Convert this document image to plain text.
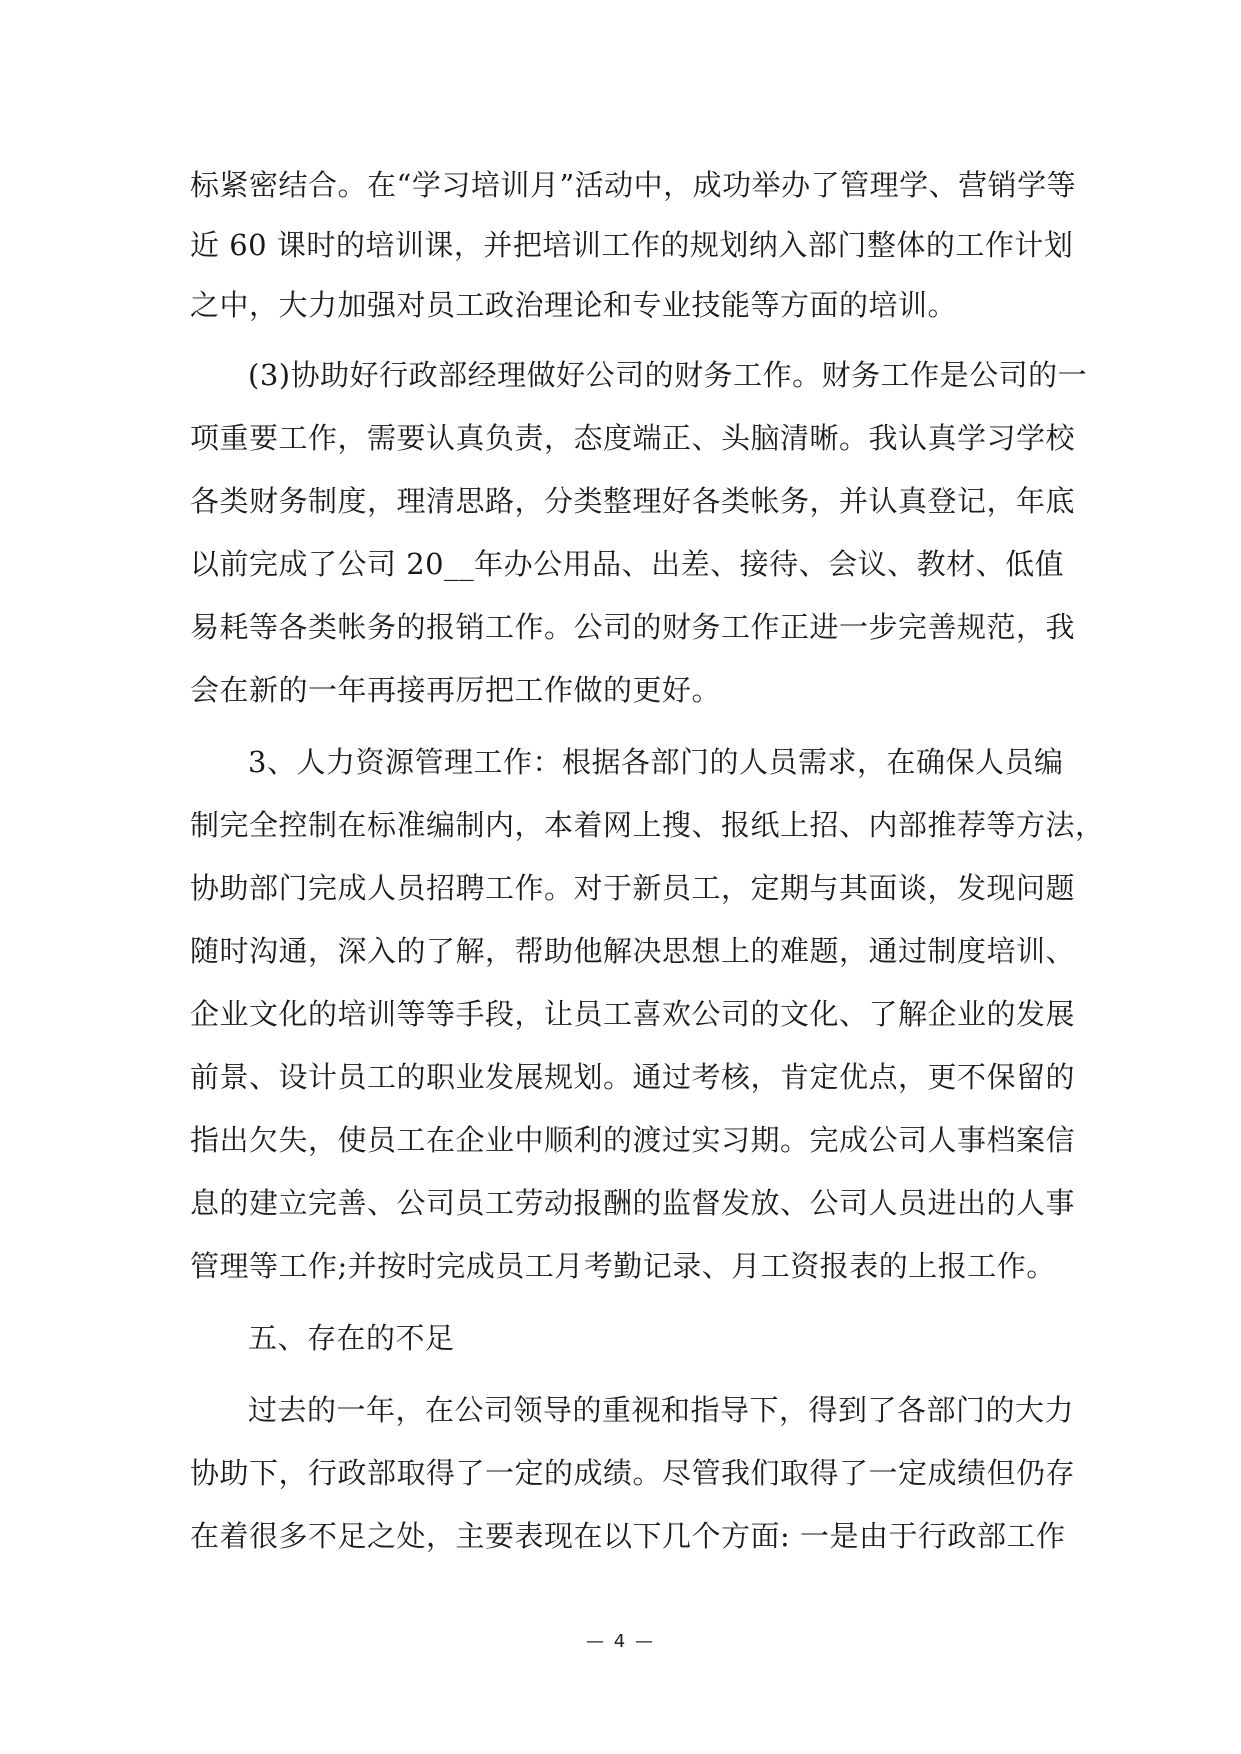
标紧密结合。在“学习培训月”活动中，成功举办了管理学、营销学等
近 60 课时的培训课，并把培训工作的规划纳入部门整体的工作计划
之中，大力加强对员工政治理论和专业技能等方面的培训。
(3)协助好行政部经理做好公司的财务工作。财务工作是公司的一
项重要工作，需要认真负责，态度端正、头脑清晰。我认真学习学校
各类财务制度，理清思路，分类整理好各类帐务，并认真登记，年底
以前完成了公司 20__年办公用品、出差、接待、会议、教材、低值
易耗等各类帐务的报销工作。公司的财务工作正进一步完善规范，我
会在新的一年再接再厉把工作做的更好。
3、人力资源管理工作：根据各部门的人员需求，在确保人员编
制完全控制在标准编制内，本着网上搜、报纸上招、内部推荐等方法，
协助部门完成人员招聘工作。对于新员工，定期与其面谈，发现问题
随时沟通，深入的了解，帮助他解决思想上的难题，通过制度培训、
企业文化的培训等等手段，让员工喜欢公司的文化、了解企业的发展
前景、设计员工的职业发展规划。通过考核，肯定优点，更不保留的
指出欠失，使员工在企业中顺利的渡过实习期。完成公司人事档案信
息的建立完善、公司员工劳动报酬的监督发放、公司人员进出的人事
管理等工作;并按时完成员工月考勤记录、月工资报表的上报工作。
五、存在的不足
过去的一年，在公司领导的重视和指导下，得到了各部门的大力
协助下，行政部取得了一定的成绩。尽管我们取得了一定成绩但仍存
在着很多不足之处，主要表现在以下几个方面: 一是由于行政部工作
— 4 —
